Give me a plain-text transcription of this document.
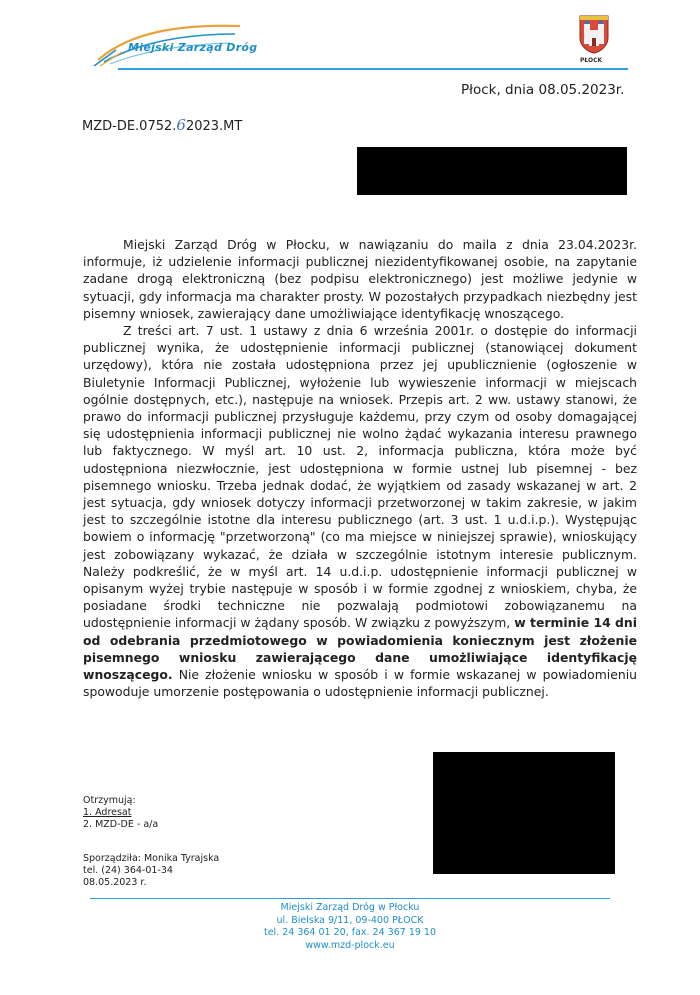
Miejski Zarząd Dróg
PŁOCK
Płock, dnia 08.05.2023r.
MZD-DE.0752.62023.MT

Miejski Zarząd Dróg w Płocku, w nawiązaniu do maila z dnia 23.04.2023r. informuje, iż udzielenie informacji publicznej niezidentyfikowanej osobie, na zapytanie zadane drogą elektroniczną (bez podpisu elektronicznego) jest możliwe jedynie w sytuacji, gdy informacja ma charakter prosty. W pozostałych przypadkach niezbędny jest pisemny wniosek, zawierający dane umożliwiające identyfikację wnoszącego.

Z treści art. 7 ust. 1 ustawy z dnia 6 września 2001r. o dostępie do informacji publicznej wynika, że udostępnienie informacji publicznej (stanowiącej dokument urzędowy), która nie została udostępniona przez jej upublicznienie (ogłoszenie w Biuletynie Informacji Publicznej, wyłożenie lub wywieszenie informacji w miejscach ogólnie dostępnych, etc.), następuje na wniosek. Przepis art. 2 ww. ustawy stanowi, że prawo do informacji publicznej przysługuje każdemu, przy czym od osoby domagającej się udostępnienia informacji publicznej nie wolno żądać wykazania interesu prawnego lub faktycznego. W myśl art. 10 ust. 2, informacja publiczna, która może być udostępniona niezwłocznie, jest udostępniona w formie ustnej lub pisemnej - bez pisemnego wniosku. Trzeba jednak dodać, że wyjątkiem od zasady wskazanej w art. 2 jest sytuacja, gdy wniosek dotyczy informacji przetworzonej w takim zakresie, w jakim jest to szczególnie istotne dla interesu publicznego (art. 3 ust. 1 u.d.i.p.). Występując bowiem o informację "przetworzoną" (co ma miejsce w niniejszej sprawie), wnioskujący jest zobowiązany wykazać, że działa w szczególnie istotnym interesie publicznym. Należy podkreślić, że w myśl art. 14 u.d.i.p. udostępnienie informacji publicznej w opisanym wyżej trybie następuje w sposób i w formie zgodnej z wnioskiem, chyba, że posiadane środki techniczne nie pozwalają podmiotowi zobowiązanemu na udostępnienie informacji w żądany sposób. W związku z powyższym, w terminie 14 dni od odebrania przedmiotowego w powiadomienia koniecznym jest złożenie pisemnego wniosku zawierającego dane umożliwiające identyfikację wnoszącego. Nie złożenie wniosku w sposób i w formie wskazanej w powiadomieniu spowoduje umorzenie postępowania o udostępnienie informacji publicznej.

Otrzymują:
1. Adresat
2. MZD-DE - a/a
Sporządziła: Monika Tyrajska
tel. (24) 364-01-34
08.05.2023 r.
Miejski Zarząd Dróg w Płocku
ul. Bielska 9/11, 09-400 PŁOCK
tel. 24 364 01 20, fax. 24 367 19 10
www.mzd-plock.eu
